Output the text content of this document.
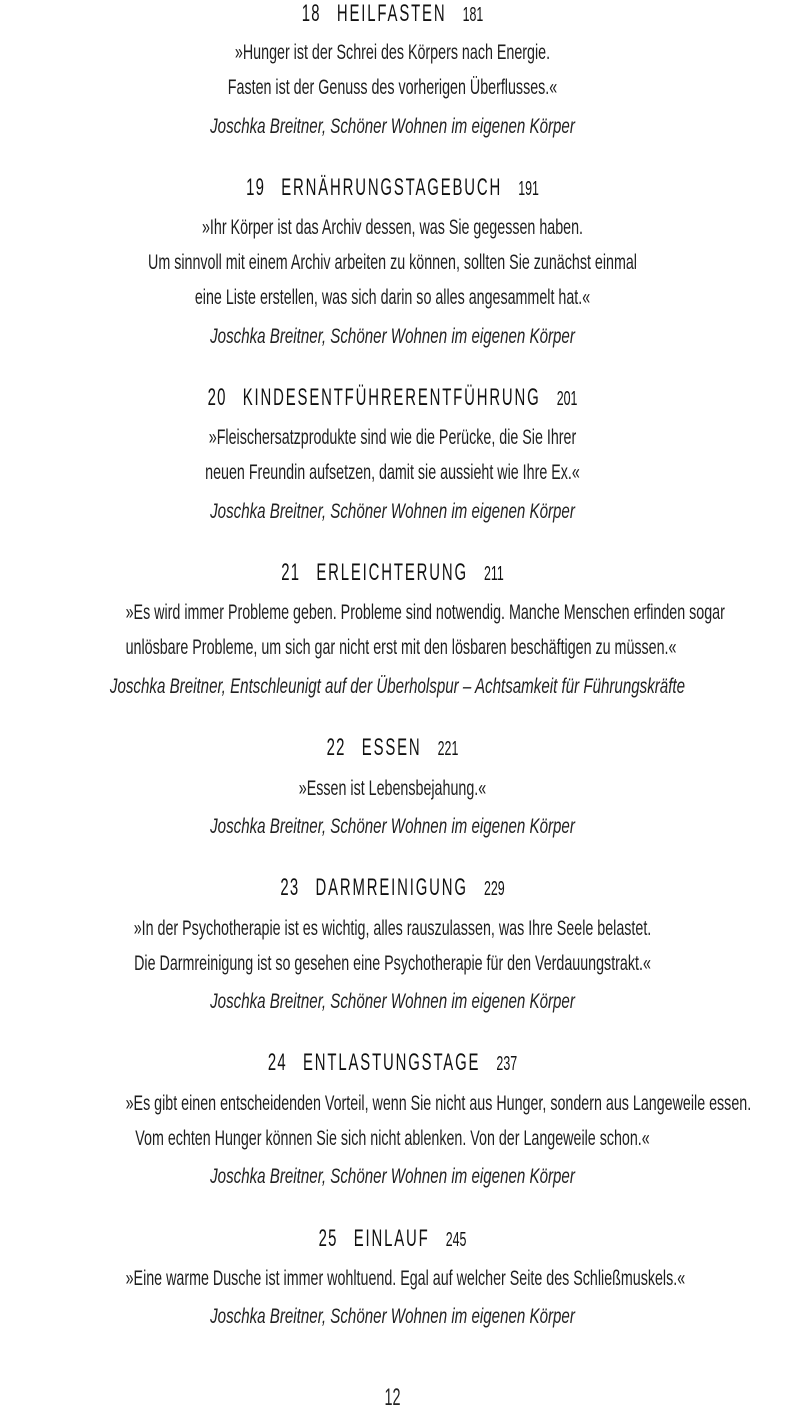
18 HEILFASTEN 181
»Hunger ist der Schrei des Körpers nach Energie.
Fasten ist der Genuss des vorherigen Überflusses.«
Joschka Breitner, Schöner Wohnen im eigenen Körper
19 ERNÄHRUNGSTAGEBUCH 191
»Ihr Körper ist das Archiv dessen, was Sie gegessen haben.
Um sinnvoll mit einem Archiv arbeiten zu können, sollten Sie zunächst einmal
eine Liste erstellen, was sich darin so alles angesammelt hat.«
Joschka Breitner, Schöner Wohnen im eigenen Körper
20 KINDESENTFÜHRERENTFÜHRUNG 201
»Fleischersatzprodukte sind wie die Perücke, die Sie Ihrer
neuen Freundin aufsetzen, damit sie aussieht wie Ihre Ex.«
Joschka Breitner, Schöner Wohnen im eigenen Körper
21 ERLEICHTERUNG 211
»Es wird immer Probleme geben. Probleme sind notwendig. Manche Menschen erfinden sogar
unlösbare Probleme, um sich gar nicht erst mit den lösbaren beschäftigen zu müssen.«
Joschka Breitner, Entschleunigt auf der Überholspur – Achtsamkeit für Führungskräfte
22 ESSEN 221
»Essen ist Lebensbejahung.«
Joschka Breitner, Schöner Wohnen im eigenen Körper
23 DARMREINIGUNG 229
»In der Psychotherapie ist es wichtig, alles rauszulassen, was Ihre Seele belastet.
Die Darmreinigung ist so gesehen eine Psychotherapie für den Verdauungstrakt.«
Joschka Breitner, Schöner Wohnen im eigenen Körper
24 ENTLASTUNGSTAGE 237
»Es gibt einen entscheidenden Vorteil, wenn Sie nicht aus Hunger, sondern aus Langeweile essen.
Vom echten Hunger können Sie sich nicht ablenken. Von der Langeweile schon.«
Joschka Breitner, Schöner Wohnen im eigenen Körper
25 EINLAUF 245
»Eine warme Dusche ist immer wohltuend. Egal auf welcher Seite des Schließmuskels.«
Joschka Breitner, Schöner Wohnen im eigenen Körper
12
